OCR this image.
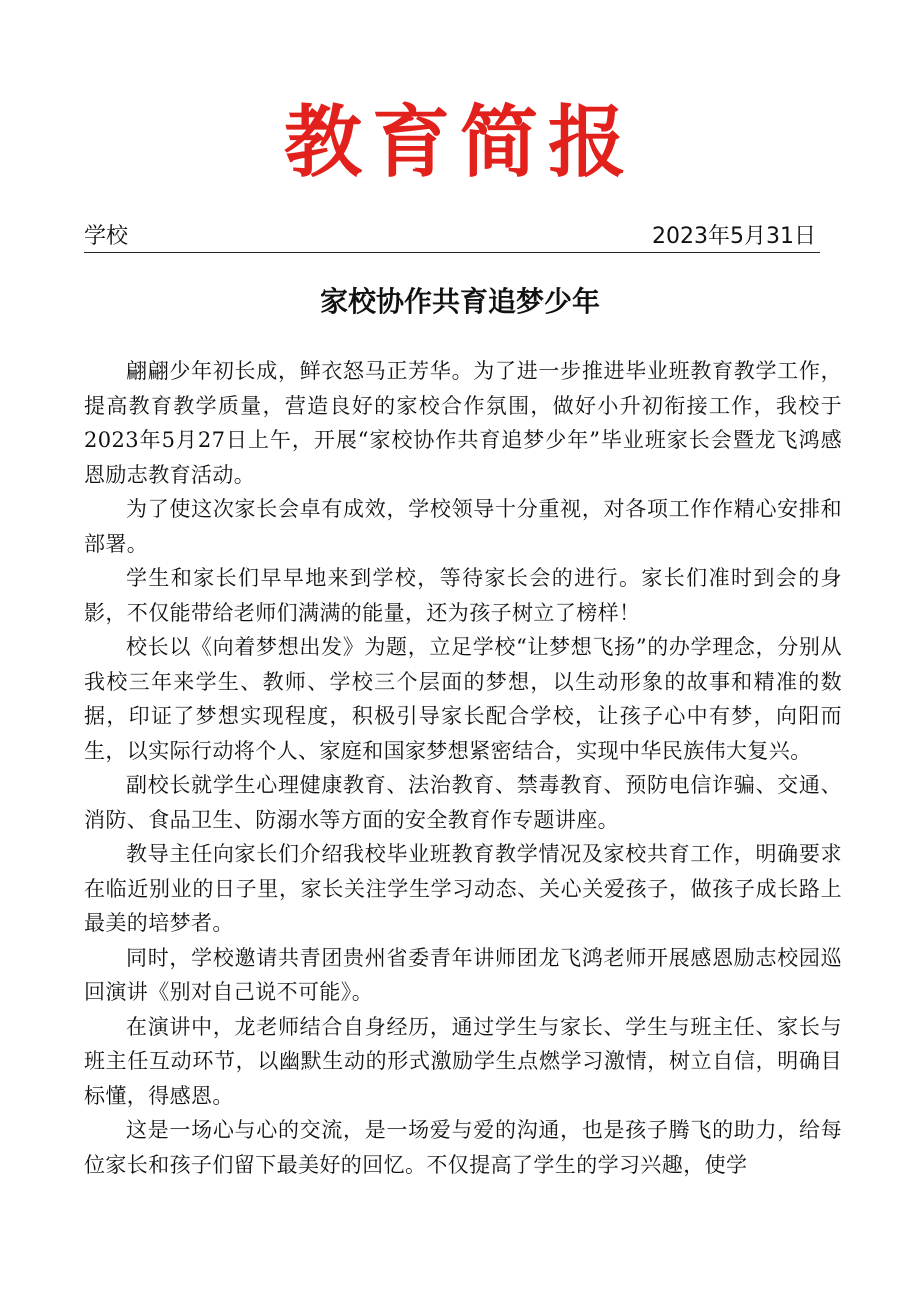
教育简报
学校	2023年5月31日
家校协作共育追梦少年

翩翩少年初长成，鲜衣怒马正芳华。为了进一步推进毕业班教育教学工作，提高教育教学质量，营造良好的家校合作氛围，做好小升初衔接工作，我校于2023年5月27日上午，开展“家校协作共育追梦少年”毕业班家长会暨龙飞鸿感恩励志教育活动。

为了使这次家长会卓有成效，学校领导十分重视，对各项工作作精心安排和部署。

学生和家长们早早地来到学校，等待家长会的进行。家长们准时到会的身影，不仅能带给老师们满满的能量，还为孩子树立了榜样！

校长以《向着梦想出发》为题，立足学校“让梦想飞扬”的办学理念，分别从我校三年来学生、教师、学校三个层面的梦想，以生动形象的故事和精准的数据，印证了梦想实现程度，积极引导家长配合学校，让孩子心中有梦，向阳而生，以实际行动将个人、家庭和国家梦想紧密结合，实现中华民族伟大复兴。

副校长就学生心理健康教育、法治教育、禁毒教育、预防电信诈骗、交通、消防、食品卫生、防溺水等方面的安全教育作专题讲座。

教导主任向家长们介绍我校毕业班教育教学情况及家校共育工作，明确要求在临近别业的日子里，家长关注学生学习动态、关心关爱孩子，做孩子成长路上最美的培梦者。

同时，学校邀请共青团贵州省委青年讲师团龙飞鸿老师开展感恩励志校园巡回演讲《别对自己说不可能》。

在演讲中，龙老师结合自身经历，通过学生与家长、学生与班主任、家长与班主任互动环节，以幽默生动的形式激励学生点燃学习激情，树立自信，明确目标懂，得感恩。

这是一场心与心的交流，是一场爱与爱的沟通，也是孩子腾飞的助力，给每位家长和孩子们留下最美好的回忆。不仅提高了学生的学习兴趣，使学
